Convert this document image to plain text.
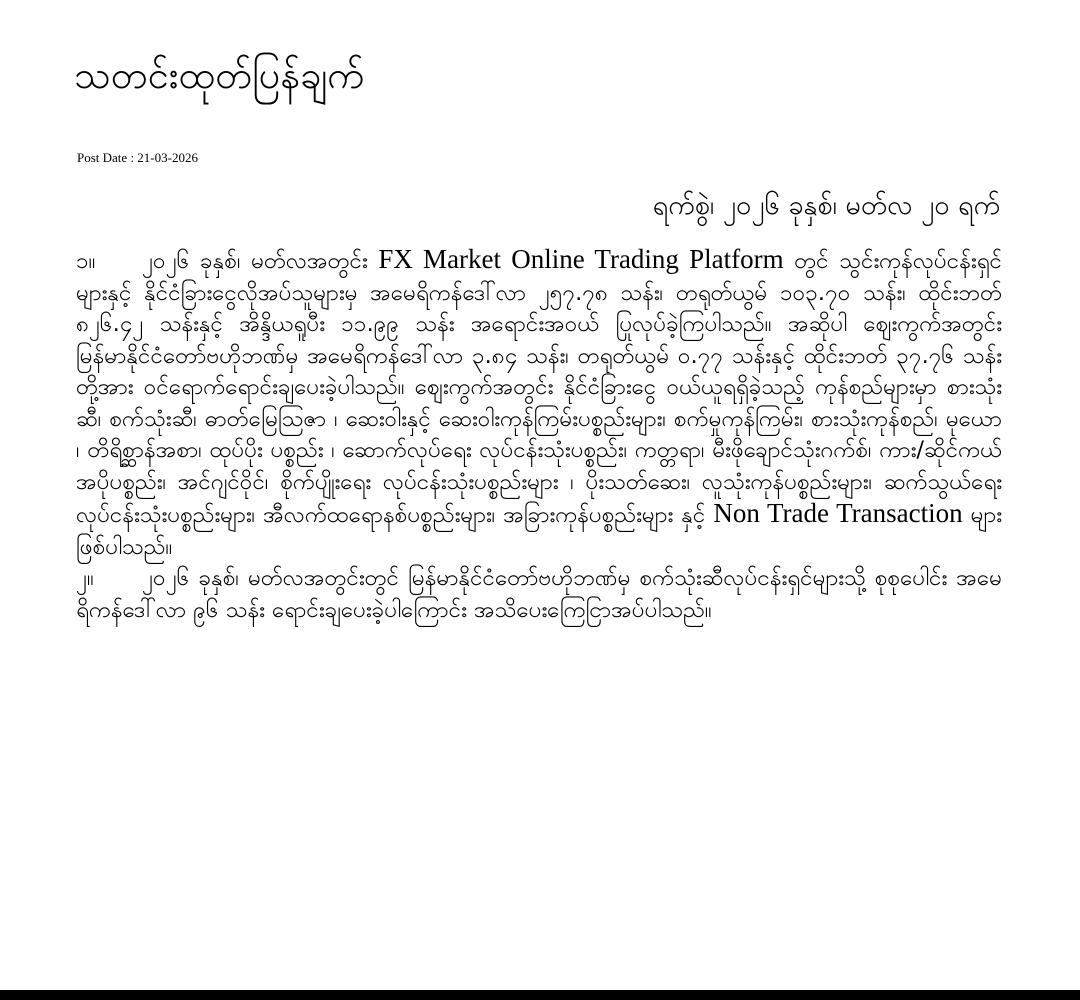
သတင်းထုတ်ပြန်ချက်
Post Date : 21-03-2026
ရက်စွဲ၊ ၂၀၂၆ ခုနှစ်၊ မတ်လ ၂၀ ရက်

၁။ ၂၀၂၆ ခုနှစ်၊ မတ်လအတွင်း FX Market Online Trading Platform တွင် သွင်းကုန်လုပ်ငန်းရှင်များနှင့် နိုင်ငံခြားငွေလိုအပ်သူများမှ အမေရိကန်ဒေါ်လာ ၂၅၇.၇၈ သန်း၊ တရုတ်ယွမ် ၁၀၃.၇၀ သန်း၊ ထိုင်းဘတ် ၈၂၆.၄၂ သန်းနှင့် အိန္ဒိယရူပီး ၁၁.၉၉ သန်း အရောင်းအဝယ် ပြုလုပ်ခဲ့ကြပါသည်။ အဆိုပါ ဈေးကွက်အတွင်း မြန်မာနိုင်ငံတော်ဗဟိုဘဏ်မှ အမေရိကန်ဒေါ်လာ ၃.၈၄ သန်း၊ တရုတ်ယွမ် ၀.၇၇ သန်းနှင့် ထိုင်းဘတ် ၃၇.၇၆ သန်းတို့အား ဝင်ရောက်ရောင်းချပေးခဲ့ပါသည်။ ဈေးကွက်အတွင်း နိုင်ငံခြားငွေ ဝယ်ယူရရှိခဲ့သည့် ကုန်စည်များမှာ စားသုံးဆီ၊ စက်သုံးဆီ၊ ဓာတ်မြေဩဇာ ၊ ဆေးဝါးနှင့် ဆေးဝါးကုန်ကြမ်းပစ္စည်းများ၊ စက်မှုကုန်ကြမ်း၊ စားသုံးကုန်စည်၊ မုယော ၊ တိရိစ္ဆာန်အစာ၊ ထုပ်ပိုး ပစ္စည်း ၊ ဆောက်လုပ်ရေး လုပ်ငန်းသုံးပစ္စည်း၊ ကတ္တရာ၊ မီးဖိုချောင်သုံးဂက်စ်၊ ကား/ဆိုင်ကယ် အပိုပစ္စည်း၊ အင်ဂျင်ဝိုင်၊ စိုက်ပျိုးရေး လုပ်ငန်းသုံးပစ္စည်းများ ၊ ပိုးသတ်ဆေး၊ လူသုံးကုန်ပစ္စည်းများ၊ ဆက်သွယ်ရေးလုပ်ငန်းသုံးပစ္စည်းများ၊ အီလက်ထရောနစ်ပစ္စည်းများ၊ အခြားကုန်ပစ္စည်းများ နှင့် Non Trade Transaction များဖြစ်ပါသည်။

၂။ ၂၀၂၆ ခုနှစ်၊ မတ်လအတွင်းတွင် မြန်မာနိုင်ငံတော်ဗဟိုဘဏ်မှ စက်သုံးဆီလုပ်ငန်းရှင်များသို့ စုစုပေါင်း အမေရိကန်ဒေါ်လာ ၉၆ သန်း ရောင်းချပေးခဲ့ပါကြောင်း အသိပေးကြေငြာအပ်ပါသည်။
